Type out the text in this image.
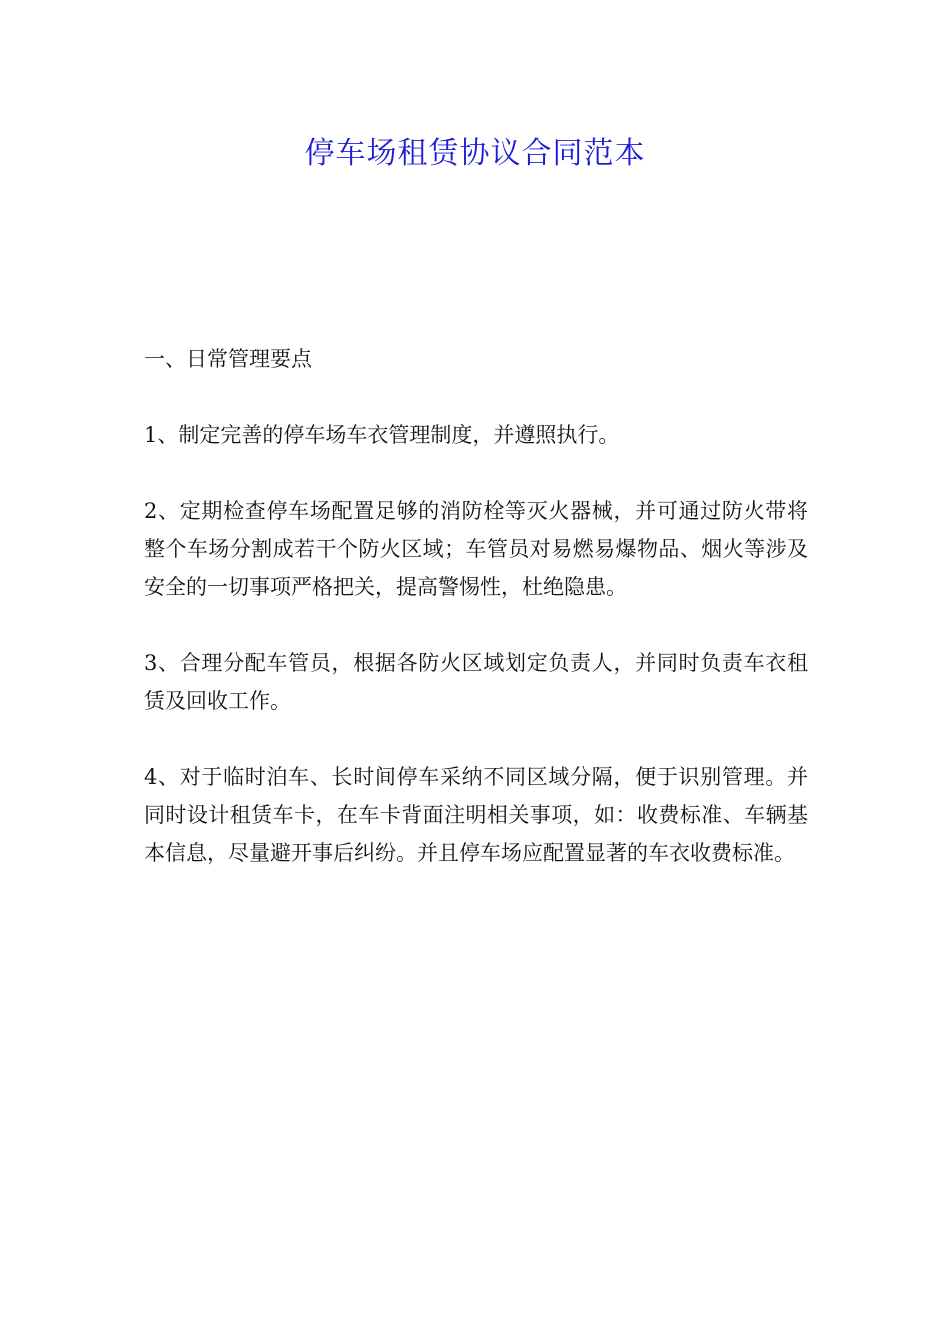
停车场租赁协议合同范本

一、日常管理要点

1、制定完善的停车场车衣管理制度，并遵照执行。

2、定期检查停车场配置足够的消防栓等灭火器械，并可通过防火带将整个车场分割成若干个防火区域；车管员对易燃易爆物品、烟火等涉及安全的一切事项严格把关，提高警惕性，杜绝隐患。

3、合理分配车管员，根据各防火区域划定负责人，并同时负责车衣租赁及回收工作。

4、对于临时泊车、长时间停车采纳不同区域分隔，便于识别管理。并同时设计租赁车卡，在车卡背面注明相关事项，如：收费标准、车辆基本信息，尽量避开事后纠纷。并且停车场应配置显著的车衣收费标准。
